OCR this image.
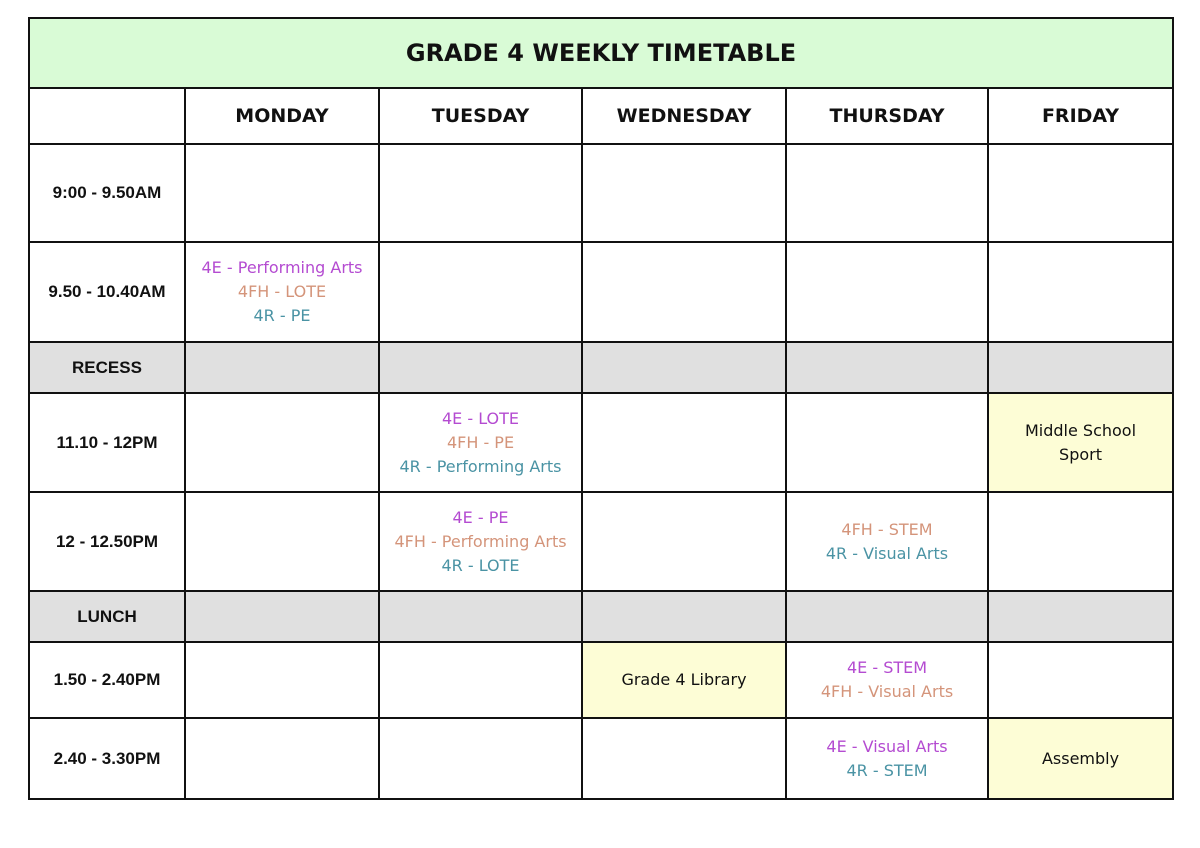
GRADE 4 WEEKLY TIMETABLE					
	MONDAY	TUESDAY	WEDNESDAY	THURSDAY	FRIDAY
9:00 - 9.50AM					
9.50 - 10.40AM	4E - Performing Arts
4FH - LOTE
4R - PE				

RECESS					
11.10 - 12PM		4E - LOTE
4FH - PE
4R - Performing Arts			Middle School
Sport

12 - 12.50PM		4E - PE
4FH - Performing Arts
4R - LOTE		4FH - STEM
4R - Visual Arts	

LUNCH					
1.50 - 2.40PM			Grade 4 Library	4E - STEM
4FH - Visual Arts	

2.40 - 3.30PM				4E - Visual Arts
4R - STEM	Assembly
